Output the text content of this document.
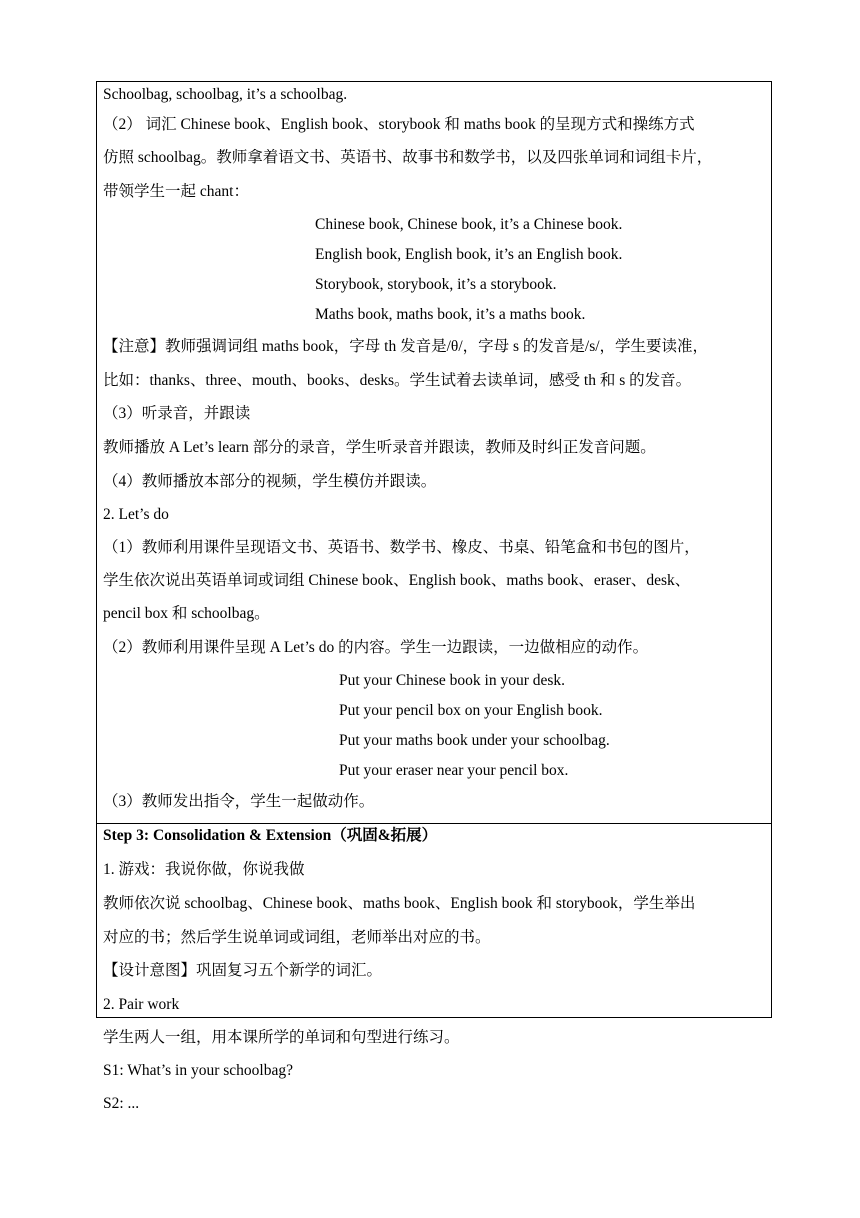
Schoolbag, schoolbag, it’s a schoolbag.
（2） 词汇 Chinese book、English book、storybook 和 maths book 的呈现方式和操练方式
仿照 schoolbag。教师拿着语文书、英语书、故事书和数学书，以及四张单词和词组卡片，
带领学生一起 chant：
Chinese book, Chinese book, it’s a Chinese book.
English book, English book, it’s an English book.
Storybook, storybook, it’s a storybook.
Maths book, maths book, it’s a maths book.
【注意】教师强调词组 maths book，字母 th 发音是/θ/，字母 s 的发音是/s/，学生要读准，
比如：thanks、three、mouth、books、desks。学生试着去读单词，感受 th 和 s 的发音。
（3）听录音，并跟读
教师播放 A Let’s learn 部分的录音，学生听录音并跟读，教师及时纠正发音问题。
（4）教师播放本部分的视频，学生模仿并跟读。
2. Let’s do
（1）教师利用课件呈现语文书、英语书、数学书、橡皮、书桌、铅笔盒和书包的图片，
学生依次说出英语单词或词组 Chinese book、English book、maths book、eraser、desk、
pencil box 和 schoolbag。
（2）教师利用课件呈现 A Let’s do 的内容。学生一边跟读，一边做相应的动作。
Put your Chinese book in your desk.
Put your pencil box on your English book.
Put your maths book under your schoolbag.
Put your eraser near your pencil box.
（3）教师发出指令，学生一起做动作。
Step 3: Consolidation & Extension（巩固&拓展）
1. 游戏：我说你做，你说我做
教师依次说 schoolbag、Chinese book、maths book、English book 和 storybook，学生举出
对应的书；然后学生说单词或词组，老师举出对应的书。
【设计意图】巩固复习五个新学的词汇。
2. Pair work
学生两人一组，用本课所学的单词和句型进行练习。
S1: What’s in your schoolbag?
S2: ...
